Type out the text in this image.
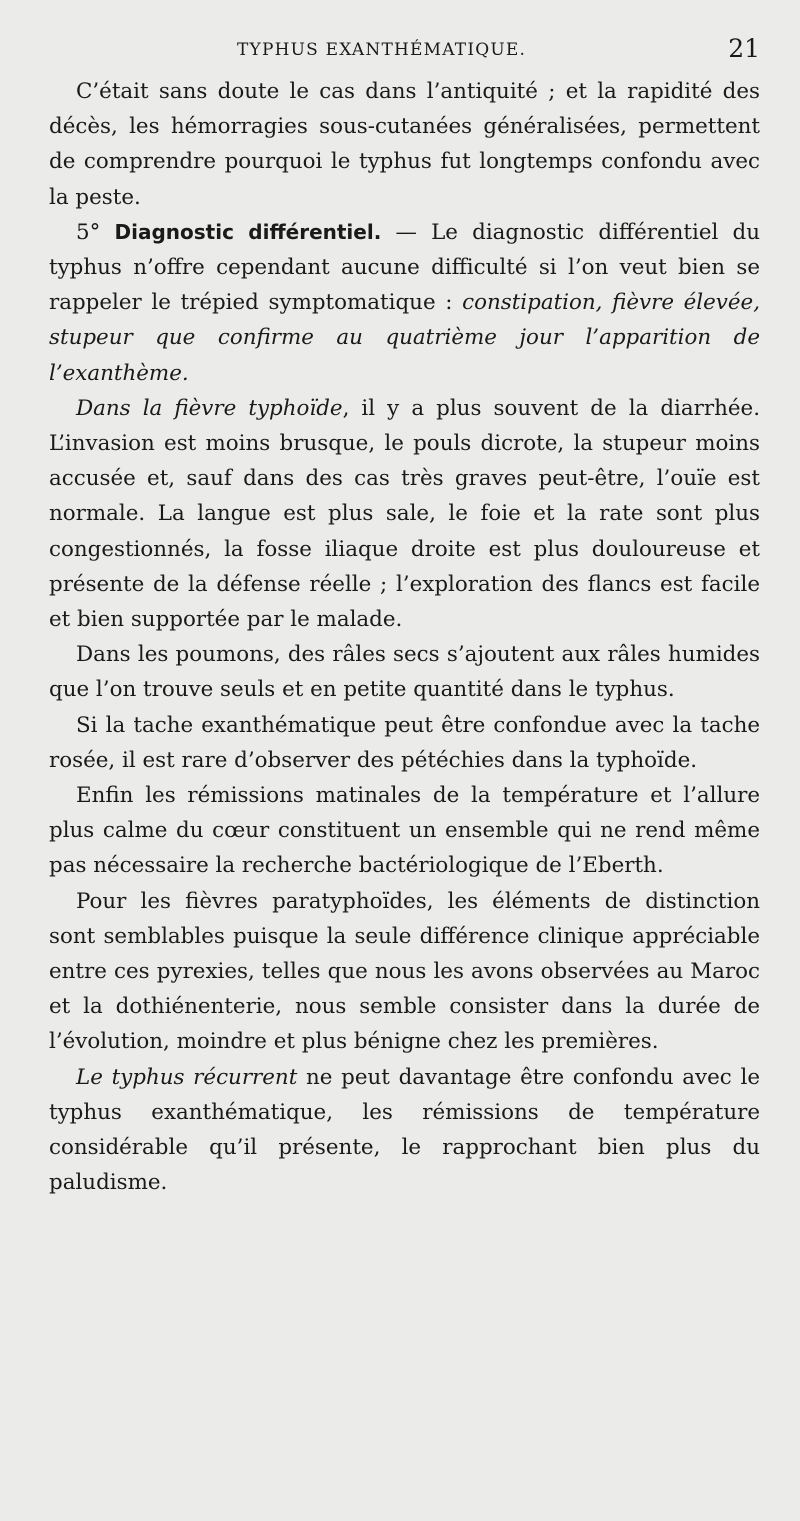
TYPHUS EXANTHÉMATIQUE.	21

C’était sans doute le cas dans l’antiquité ; et la rapidité des décès, les hémorragies sous-cutanées généralisées, permettent de comprendre pourquoi le typhus fut longtemps confondu avec la peste.

5° Diagnostic différentiel. — Le diagnostic différentiel du typhus n’offre cependant aucune difficulté si l’on veut bien se rappeler le trépied symptomatique : constipation, fièvre élevée, stupeur que confirme au quatrième jour l’apparition de l’exanthème.

Dans la fièvre typhoïde, il y a plus souvent de la diarrhée. L’invasion est moins brusque, le pouls dicrote, la stupeur moins accusée et, sauf dans des cas très graves peut-être, l’ouïe est normale. La langue est plus sale, le foie et la rate sont plus congestionnés, la fosse iliaque droite est plus douloureuse et présente de la défense réelle ; l’exploration des flancs est facile et bien supportée par le malade.

Dans les poumons, des râles secs s’ajoutent aux râles humides que l’on trouve seuls et en petite quantité dans le typhus.

Si la tache exanthématique peut être confondue avec la tache rosée, il est rare d’observer des pétéchies dans la typhoïde.

Enfin les rémissions matinales de la température et l’allure plus calme du cœur constituent un ensemble qui ne rend même pas nécessaire la recherche bactériologique de l’Eberth.

Pour les fièvres paratyphoïdes, les éléments de distinction sont semblables puisque la seule différence clinique appréciable entre ces pyrexies, telles que nous les avons observées au Maroc et la dothiénenterie, nous semble consister dans la durée de l’évolution, moindre et plus bénigne chez les premières.

Le typhus récurrent ne peut davantage être confondu avec le typhus exanthématique, les rémissions de température considérable qu’il présente, le rapprochant bien plus du paludisme.
